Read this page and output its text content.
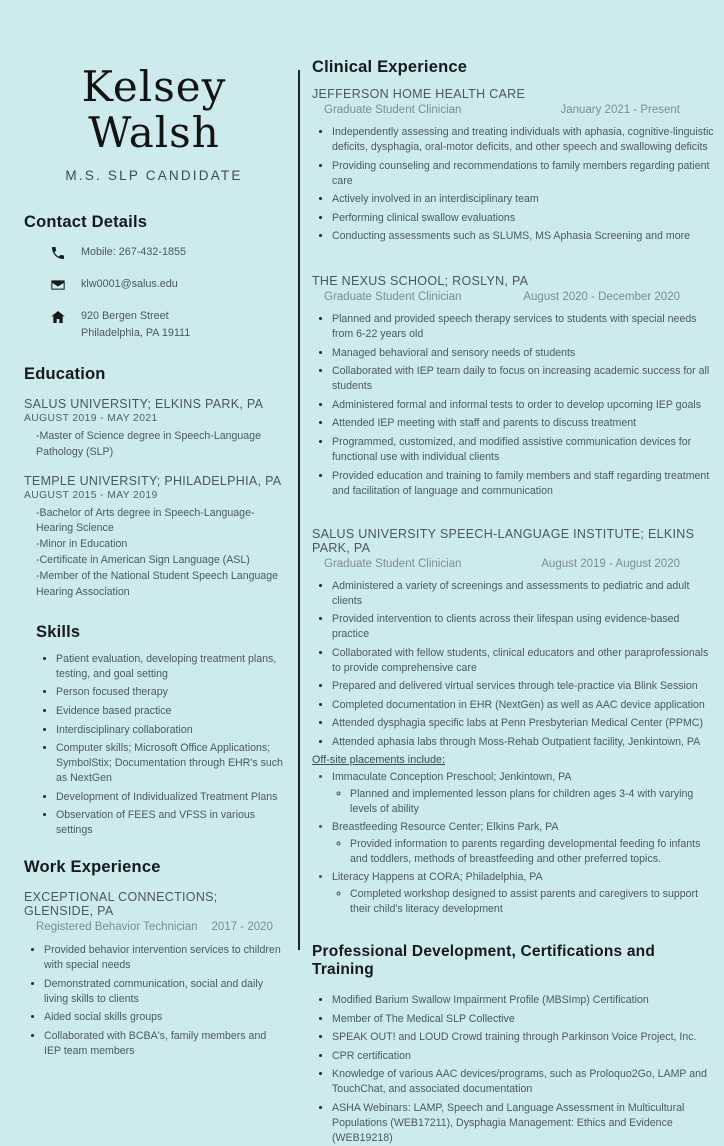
Kelsey
Walsh
M.S. SLP CANDIDATE
Contact Details
Mobile: 267-432-1855
klw0001@salus.edu
920 Bergen Street
Philadelphia, PA 19111
Education
SALUS UNIVERSITY; ELKINS PARK, PA
AUGUST 2019 - MAY 2021
-Master of Science degree in Speech-Language Pathology (SLP)
TEMPLE UNIVERSITY; PHILADELPHIA, PA
AUGUST 2015 - MAY 2019
-Bachelor of Arts degree in Speech-Language-Hearing Science
-Minor in Education
-Certificate in American Sign Language (ASL)
-Member of the National Student Speech Language Hearing Association
Skills
• Patient evaluation, developing treatment plans, testing, and goal setting
• Person focused therapy
• Evidence based practice
• Interdisciplinary collaboration
• Computer skills; Microsoft Office Applications; SymbolStix; Documentation through EHR's such as NextGen
• Development of Individualized Treatment Plans
• Observation of FEES and VFSS in various settings
Work Experience
EXCEPTIONAL CONNECTIONS; GLENSIDE, PA
Registered Behavior Technician 2017 - 2020
• Provided behavior intervention services to children with special needs
• Demonstrated communication, social and daily living skills to clients
• Aided social skills groups
• Collaborated with BCBA's, family members and IEP team members
Clinical Experience
JEFFERSON HOME HEALTH CARE
Graduate Student Clinician	January 2021 - Present
• Independently assessing and treating individuals with aphasia, cognitive-linguistic deficits, dysphagia, oral-motor deficits, and other speech and swallowing deficits
• Providing counseling and recommendations to family members regarding patient care
• Actively involved in an interdisciplinary team
• Performing clinical swallow evaluations
• Conducting assessments such as SLUMS, MS Aphasia Screening and more
THE NEXUS SCHOOL; ROSLYN, PA
Graduate Student Clinician	August 2020 - December 2020
• Planned and provided speech therapy services to students with special needs from 6-22 years old
• Managed behavioral and sensory needs of students
• Collaborated with IEP team daily to focus on increasing academic success for all students
• Administered formal and informal tests to order to develop upcoming IEP goals
• Attended IEP meeting with staff and parents to discuss treatment
• Programmed, customized, and modified assistive communication devices for functional use with individual clients
• Provided education and training to family members and staff regarding treatment and facilitation of language and communication
SALUS UNIVERSITY SPEECH-LANGUAGE INSTITUTE; ELKINS PARK, PA
Graduate Student Clinician	August 2019 - August 2020
• Administered a variety of screenings and assessments to pediatric and adult clients
• Provided intervention to clients across their lifespan using evidence-based practice
• Collaborated with fellow students, clinical educators and other paraprofessionals to provide comprehensive care
• Prepared and delivered virtual services through tele-practice via Blink Session
• Completed documentation in EHR (NextGen) as well as AAC device application
• Attended dysphagia specific labs at Penn Presbyterian Medical Center (PPMC)
• Attended aphasia labs through Moss-Rehab Outpatient facility, Jenkintown, PA
Off-site placements include:
• Immaculate Conception Preschool; Jenkintown, PA
◦ Planned and implemented lesson plans for children ages 3-4 with varying levels of ability
• Breastfeeding Resource Center; Elkins Park, PA
◦ Provided information to parents regarding developmental feeding fo infants and toddlers, methods of breastfeeding and other preferred topics.
• Literacy Happens at CORA; Philadelphia, PA
◦ Completed workshop designed to assist parents and caregivers to support their child's literacy development
Professional Development, Certifications and Training
• Modified Barium Swallow Impairment Profile (MBSImp) Certification
• Member of The Medical SLP Collective
• SPEAK OUT! and LOUD Crowd training through Parkinson Voice Project, Inc.
• CPR certification
• Knowledge of various AAC devices/programs, such as Proloquo2Go, LAMP and TouchChat, and associated documentation
• ASHA Webinars: LAMP, Speech and Language Assessment in Multicultural Populations (WEB17211), Dysphagia Management: Ethics and Evidence (WEB19218)
